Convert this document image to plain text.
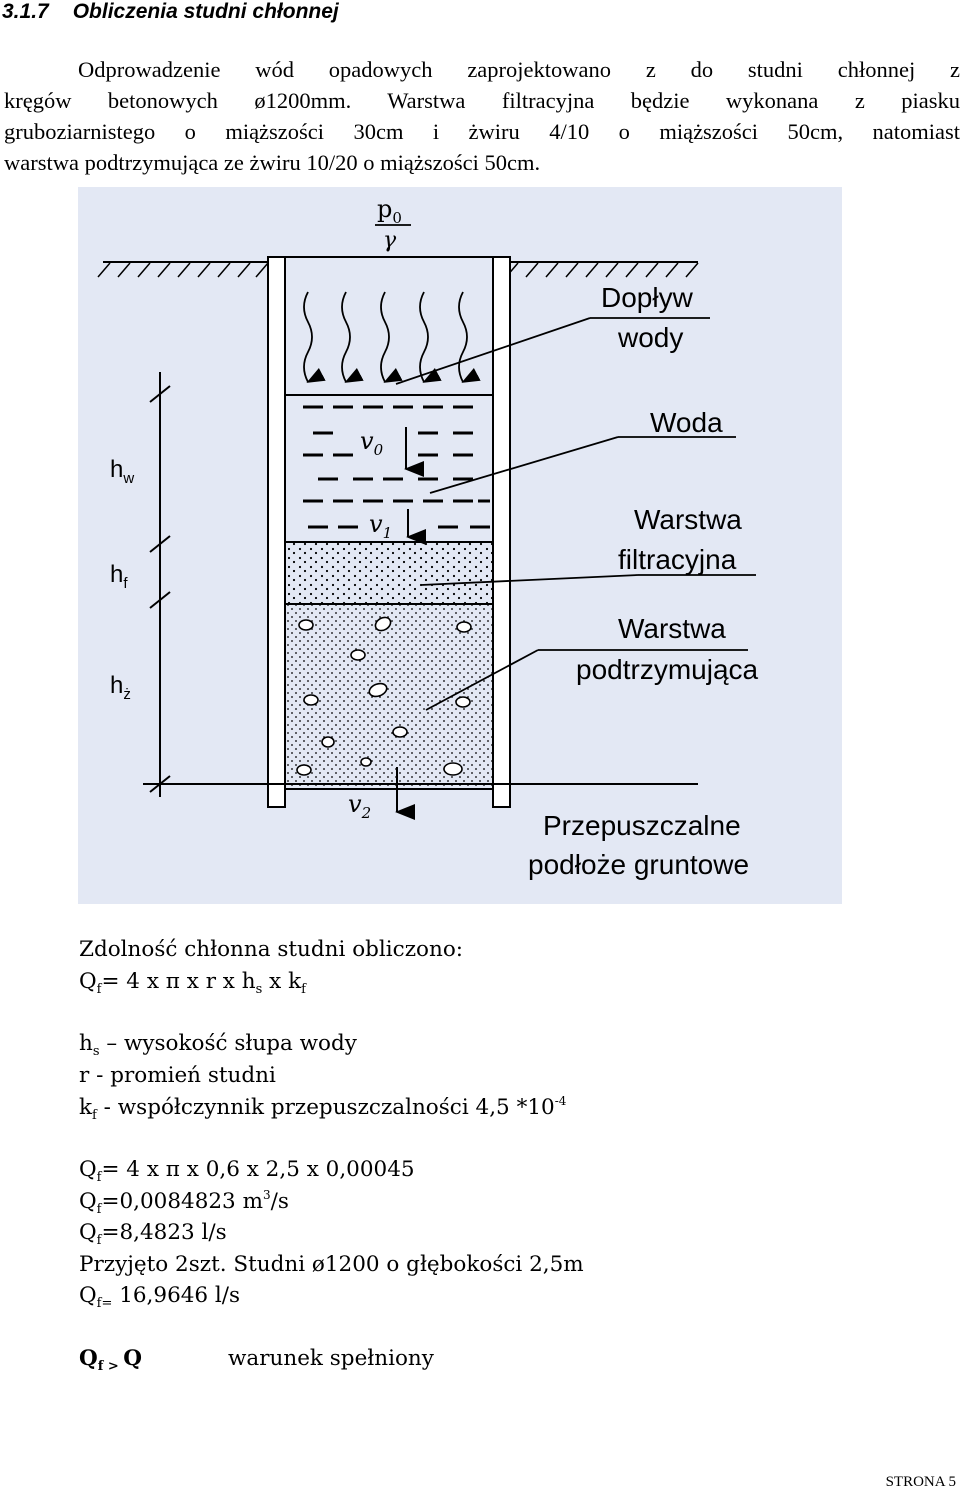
3.1.7 Obliczenia studni chłonnej
Odprowadzenie wód opadowych zaprojektowano z do studni chłonnej z
kręgów betonowych ø1200mm. Warstwa filtracyjna będzie wykonana z piasku
gruboziarnistego o miąższości 30cm i żwiru 4/10 o miąższości 50cm, natomiast
warstwa podtrzymująca ze żwiru 10/20 o miąższości 50cm.
$v_0$
$v_1$
$v_2$
$p_0$
γ
$h_w$
$h_f$
$h_ż$
Dopływ
wody
Woda
Warstwa
filtracyjna
Warstwa
podtrzymująca
Przepuszczalne
podłoże gruntowe
Zdolność chłonna studni obliczono:
$Q_f= 4$ x π x r x $h_s$ x $k_f$
$h_s$ – wysokość słupa wody
r - promień studni
$k_f$ - współczynnik przepuszczalności 4,5 $*10^{-4}$
$Q_f= 4$ x π x 0,6 x 2,5 x 0,00045
$Q_f=0,0084823$ $m^3/s$
$Q_f=8,4823$ l/s
Przyjęto 2szt. Studni ø1200 o głębokości 2,5m
$Q_{f=}$ 16,9646 l/s
$Q_f$ $_>$ Q	warunek spełniony
STRONA 5
